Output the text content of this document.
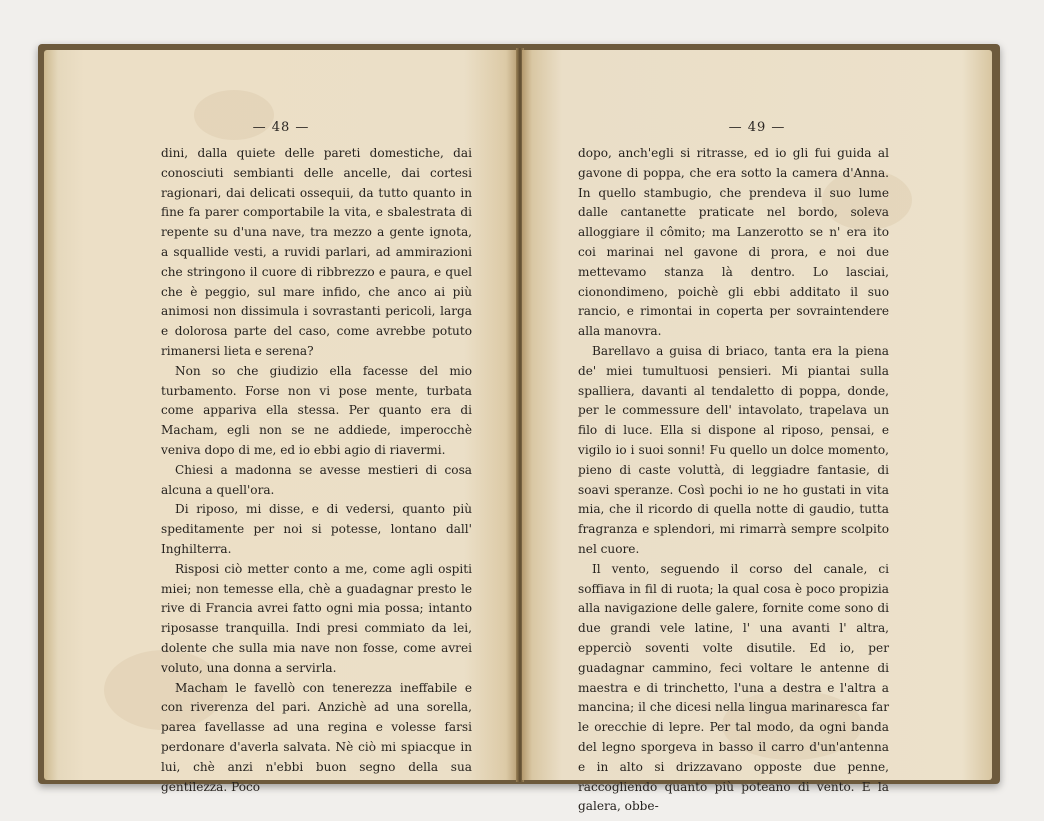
— 48 —

dini, dalla quiete delle pareti domestiche, dai conosciuti sembianti delle ancelle, dai cortesi ragionari, dai delicati ossequii, da tutto quanto in fine fa parer comportabile la vita, e sbalestrata di repente su d'una nave, tra mezzo a gente ignota, a squallide vesti, a ruvidi parlari, ad ammirazioni che stringono il cuore di ribbrezzo e paura, e quel che è peggio, sul mare infido, che anco ai più animosi non dissimula i sovrastanti pericoli, larga e dolorosa parte del caso, come avrebbe potuto rimanersi lieta e serena?

Non so che giudizio ella facesse del mio turbamento. Forse non vi pose mente, turbata come appariva ella stessa. Per quanto era di Macham, egli non se ne addiede, imperocchè veniva dopo di me, ed io ebbi agio di riavermi.

Chiesi a madonna se avesse mestieri di cosa alcuna a quell'ora.

Di riposo, mi disse, e di vedersi, quanto più speditamente per noi si potesse, lontano dall' Inghilterra.

Risposi ciò metter conto a me, come agli ospiti miei; non temesse ella, chè a guadagnar presto le rive di Francia avrei fatto ogni mia possa; intanto riposasse tranquilla. Indi presi commiato da lei, dolente che sulla mia nave non fosse, come avrei voluto, una donna a servirla.

Macham le favellò con tenerezza ineffabile e con riverenza del pari. Anzichè ad una sorella, parea favellasse ad una regina e volesse farsi perdonare d'averla salvata. Nè ciò mi spiacque in lui, chè anzi n'ebbi buon segno della sua gentilezza. Poco

— 49 —

dopo, anch'egli si ritrasse, ed io gli fui guida al gavone di poppa, che era sotto la camera d'Anna. In quello stambugio, che prendeva il suo lume dalle cantanette praticate nel bordo, soleva alloggiare il cômito; ma Lanzerotto se n' era ito coi marinai nel gavone di prora, e noi due mettevamo stanza là dentro. Lo lasciai, cionondimeno, poichè gli ebbi additato il suo rancio, e rimontai in coperta per sovraintendere alla manovra.

Barellavo a guisa di briaco, tanta era la piena de' miei tumultuosi pensieri. Mi piantai sulla spalliera, davanti al tendaletto di poppa, donde, per le commessure dell' intavolato, trapelava un filo di luce. Ella si dispone al riposo, pensai, e vigilo io i suoi sonni! Fu quello un dolce momento, pieno di caste voluttà, di leggiadre fantasie, di soavi speranze. Così pochi io ne ho gustati in vita mia, che il ricordo di quella notte di gaudio, tutta fragranza e splendori, mi rimarrà sempre scolpito nel cuore.

Il vento, seguendo il corso del canale, ci soffiava in fil di ruota; la qual cosa è poco propizia alla navigazione delle galere, fornite come sono di due grandi vele latine, l' una avanti l' altra, epperciò soventi volte disutile. Ed io, per guadagnar cammino, feci voltare le antenne di maestra e di trinchetto, l'una a destra e l'altra a mancina; il che dicesi nella lingua marinaresca far le orecchie di lepre. Per tal modo, da ogni banda del legno sporgeva in basso il carro d'un'antenna e in alto si drizzavano opposte due penne, raccogliendo quanto più poteano di vento. E la galera, obbe-
